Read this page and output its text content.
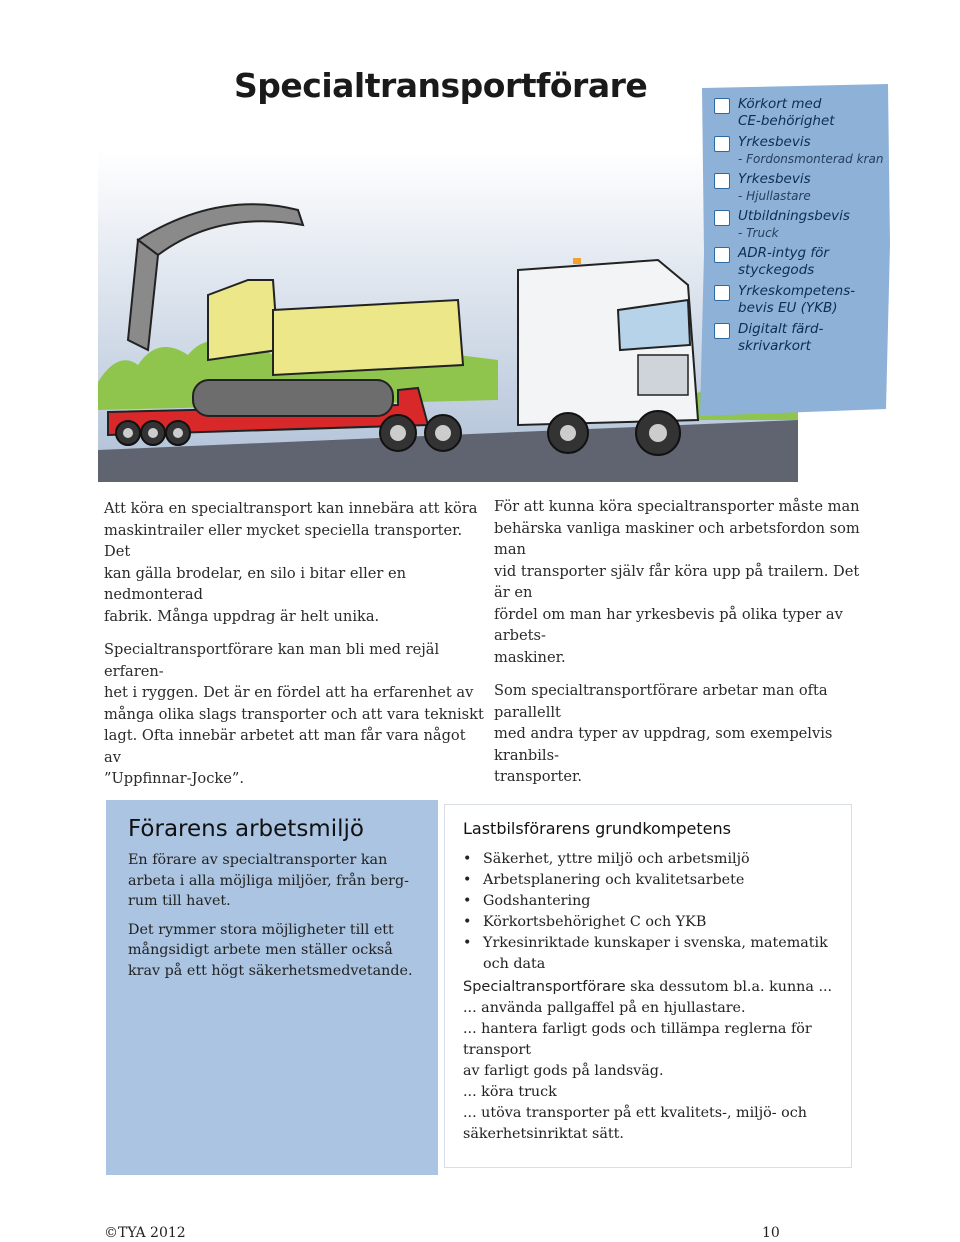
Specialtransportförare	Körkort med
CE-behörighet
Yrkesbevis
- Fordonsmonterad kran
Yrkesbevis
- Hjullastare
Utbildningsbevis
- Truck
ADR-intyg för
styckegods
Yrkeskompetens-
bevis EU (YKB)
Digitalt färd-
skrivarkort

Att köra en specialtransport kan innebära att köra
maskintrailer eller mycket speciella transporter. Det
kan gälla brodelar, en silo i bitar eller en nedmonterad
fabrik. Många uppdrag är helt unika.

Specialtransportförare kan man bli med rejäl erfaren-
het i ryggen. Det är en fördel att ha erfarenhet av
många olika slags transporter och att vara tekniskt
lagt. Ofta innebär arbetet att man får vara något av
”Uppfinnar-Jocke”.

För att kunna köra specialtransporter måste man
behärska vanliga maskiner och arbetsfordon som man
vid transporter själv får köra upp på trailern. Det är en
fördel om man har yrkesbevis på olika typer av arbets-
maskiner.

Som specialtransportförare arbetar man ofta parallellt
med andra typer av uppdrag, som exempelvis kranbils-
transporter.

Förarens arbetsmiljö

En förare av specialtransporter kan
arbeta i alla möjliga miljöer, från berg-
rum till havet.

Det rymmer stora möjligheter till ett
mångsidigt arbete men ställer också
krav på ett högt säkerhetsmedvetande.

Lastbilsförarens grundkompetens
• Säkerhet, yttre miljö och arbetsmiljö
• Arbetsplanering och kvalitetsarbete
• Godshantering
• Körkortsbehörighet C och YKB
• Yrkesinriktade kunskaper i svenska, matematik
och data

Specialtransportförare ska dessutom bl.a. kunna ...

... använda pallgaffel på en hjullastare.

... hantera farligt gods och tillämpa reglerna för transport
av farligt gods på landsväg.

... köra truck

... utöva transporter på ett kvalitets-, miljö- och
säkerhetsinriktat sätt.

©TYA 2012	10
